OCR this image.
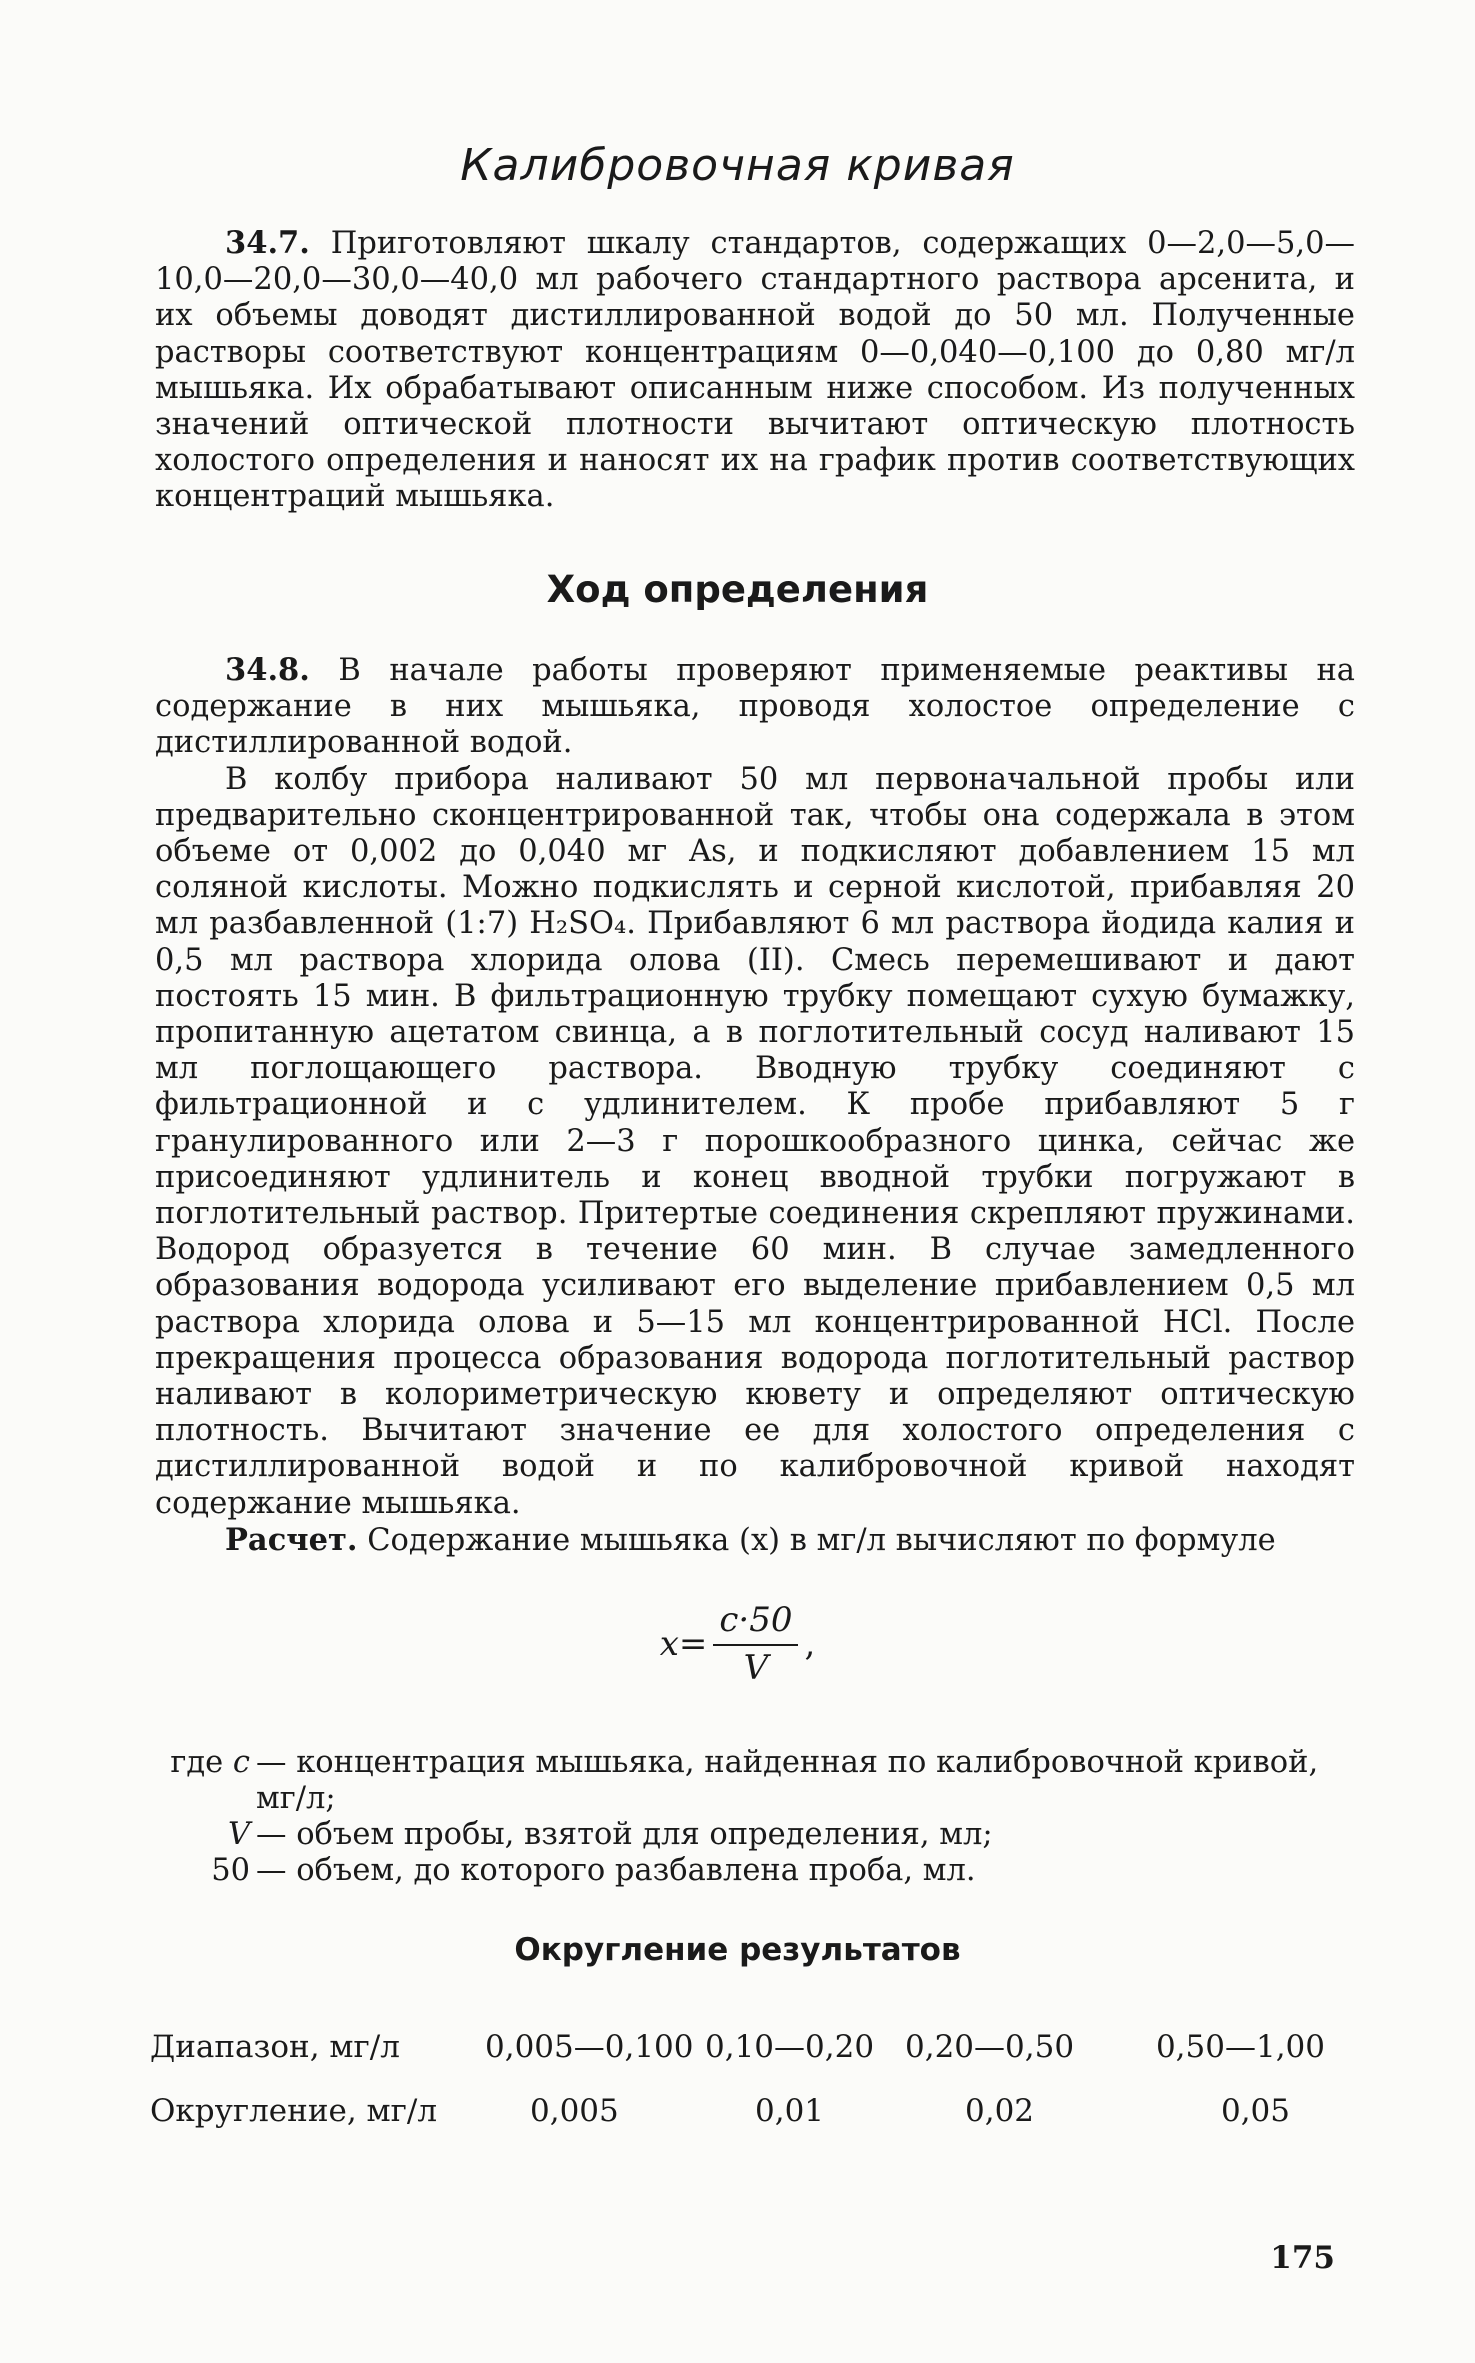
Калибровочная кривая

34.7. Приготовляют шкалу стандартов, содержащих 0—2,0—5,0—10,0—20,0—30,0—40,0 мл рабочего стандартного раствора арсенита, и их объемы доводят дистиллированной водой до 50 мл. Полученные растворы соответствуют концентрациям 0—0,040—0,100 до 0,80 мг/л мышьяка. Их обрабатывают описанным ниже способом. Из полученных значений оптической плотности вычитают оптическую плотность холостого определения и наносят их на график против соответствующих концентраций мышьяка.

Ход определения

34.8. В начале работы проверяют применяемые реактивы на содержание в них мышьяка, проводя холостое определение с дистиллированной водой.

В колбу прибора наливают 50 мл первоначальной пробы или предварительно сконцентрированной так, чтобы она содержала в этом объеме от 0,002 до 0,040 мг As, и подкисляют добавлением 15 мл соляной кислоты. Можно подкислять и серной кислотой, прибавляя 20 мл разбавленной (1:7) H₂SO₄. Прибавляют 6 мл раствора йодида калия и 0,5 мл раствора хлорида олова (II). Смесь перемешивают и дают постоять 15 мин. В фильтрационную трубку помещают сухую бумажку, пропитанную ацетатом свинца, а в поглотительный сосуд наливают 15 мл поглощающего раствора. Вводную трубку соединяют с фильтрационной и с удлинителем. К пробе прибавляют 5 г гранулированного или 2—3 г порошкообразного цинка, сейчас же присоединяют удлинитель и конец вводной трубки погружают в поглотительный раствор. Притертые соединения скрепляют пружинами. Водород образуется в течение 60 мин. В случае замедленного образования водорода усиливают его выделение прибавлением 0,5 мл раствора хлорида олова и 5—15 мл концентрированной HCl. После прекращения процесса образования водорода поглотительный раствор наливают в колориметрическую кювету и определяют оптическую плотность. Вычитают значение ее для холостого определения с дистиллированной водой и по калибровочной кривой находят содержание мышьяка.

Расчет. Содержание мышьяка (x) в мг/л вычисляют по формуле

$x= \frac{c\cdot 50}{V}$ ,
где c — концентрация мышьяка, найденная по калибровочной кривой, мг/л;
V — объем пробы, взятой для определения, мл;
50 — объем, до которого разбавлена проба, мл.
Округление результатов
Диапазон, мг/л	0,005—0,100	0,10—0,20	0,20—0,50	0,50—1,00
Округление, мг/л	0,005	0,01	0,02	0,05
175
